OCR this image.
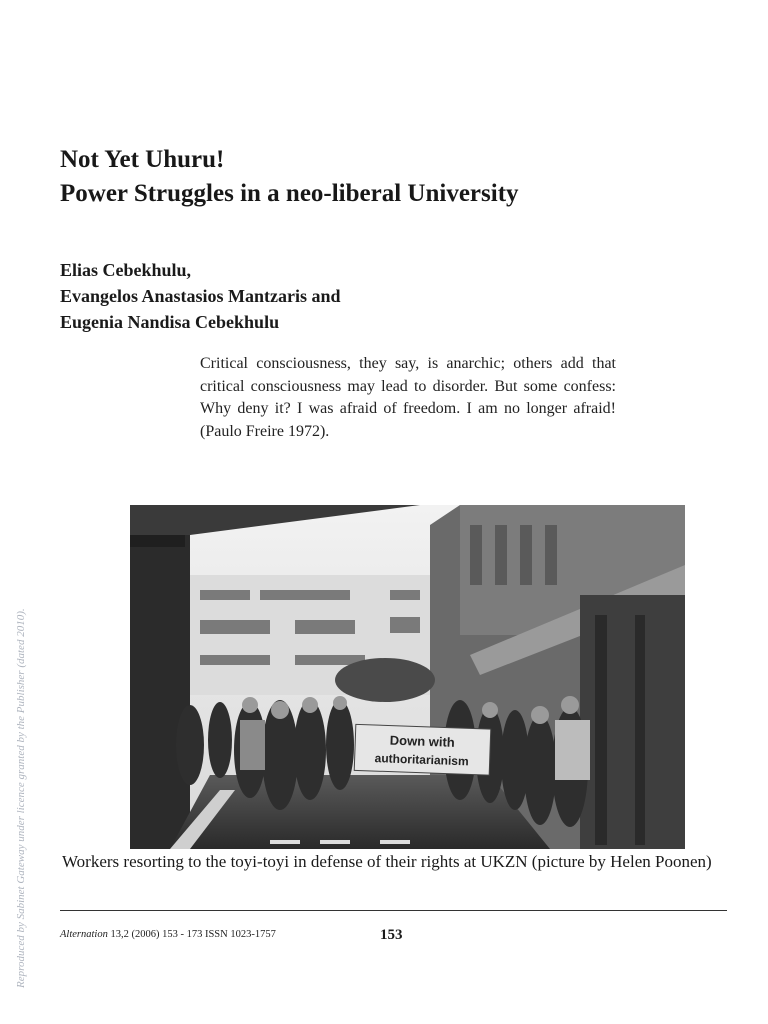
Not Yet Uhuru!
Power Struggles in a neo-liberal University
Elias Cebekhulu,
Evangelos Anastasios Mantzaris and
Eugenia Nandisa Cebekhulu
Critical consciousness, they say, is anarchic; others add that critical consciousness may lead to disorder. But some confess: Why deny it? I was afraid of freedom. I am no longer afraid! (Paulo Freire 1972).
Down with
authoritarianism
Workers resorting to the toyi-toyi in defense of their rights at UKZN (picture by Helen Poonen)
Alternation 13,2 (2006) 153 - 173 ISSN 1023-1757	153
Reproduced by Sabinet Gateway under licence granted by the Publisher (dated 2010).
